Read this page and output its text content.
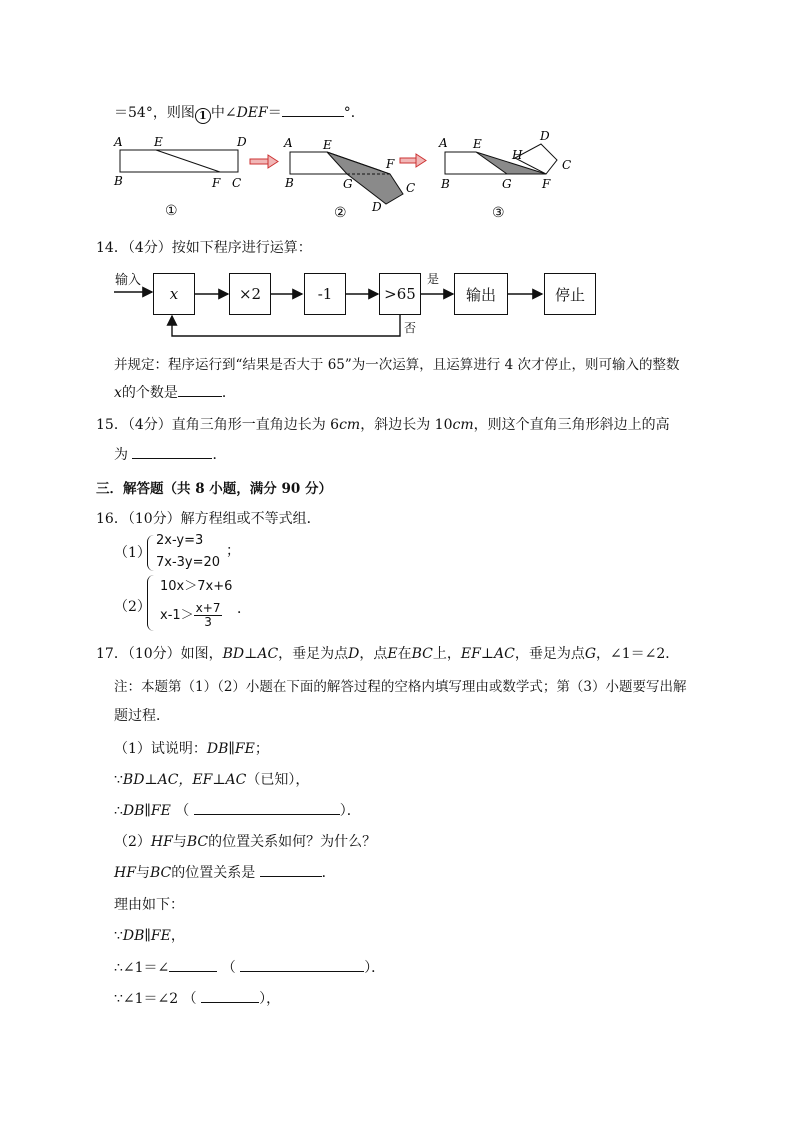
＝54°，则图 1 中∠DEF＝	°．
A	E	D
B	F C
A	E
F
B	G	C
D
A E
D
H
C
B	G	F
①	②	③
14．（4分）按如下程序进行运算：
输入
x	×2	-1	>65
是
否
输出	停止
并规定：程序运行到“结果是否大于 65”为一次运算，且运算进行 4 次才停止，则可输入的整数
x的个数是	．
15．（4分）直角三角形一直角边长为 6cm，斜边长为 10cm，则这个直角三角形斜边上的高
为	．
三．解答题（共 8 小题，满分 90 分）
16．（10分）解方程组或不等式组．
（1）
2x-y=3
7x-3y=20
；
（2）
10x＞7x+6
$x-1> \frac{x+7}{3}$ ．
17．（10分）如图，BD⊥AC，垂足为点D，点E在BC上，EF⊥AC，垂足为点G，∠1＝∠2．
注：本题第（1）（2）小题在下面的解答过程的空格内填写理由或数学式；第（3）小题要写出解
题过程．
（1）试说明：DB∥FE；
∵BD⊥AC，EF⊥AC（已知），
∴DB∥FE （	）．
（2）HF与BC的位置关系如何？为什么？
HF与BC的位置关系是	．
理由如下：
∵DB∥FE，
∴∠1＝∠	（	）．
∵∠1＝∠2 （	），
